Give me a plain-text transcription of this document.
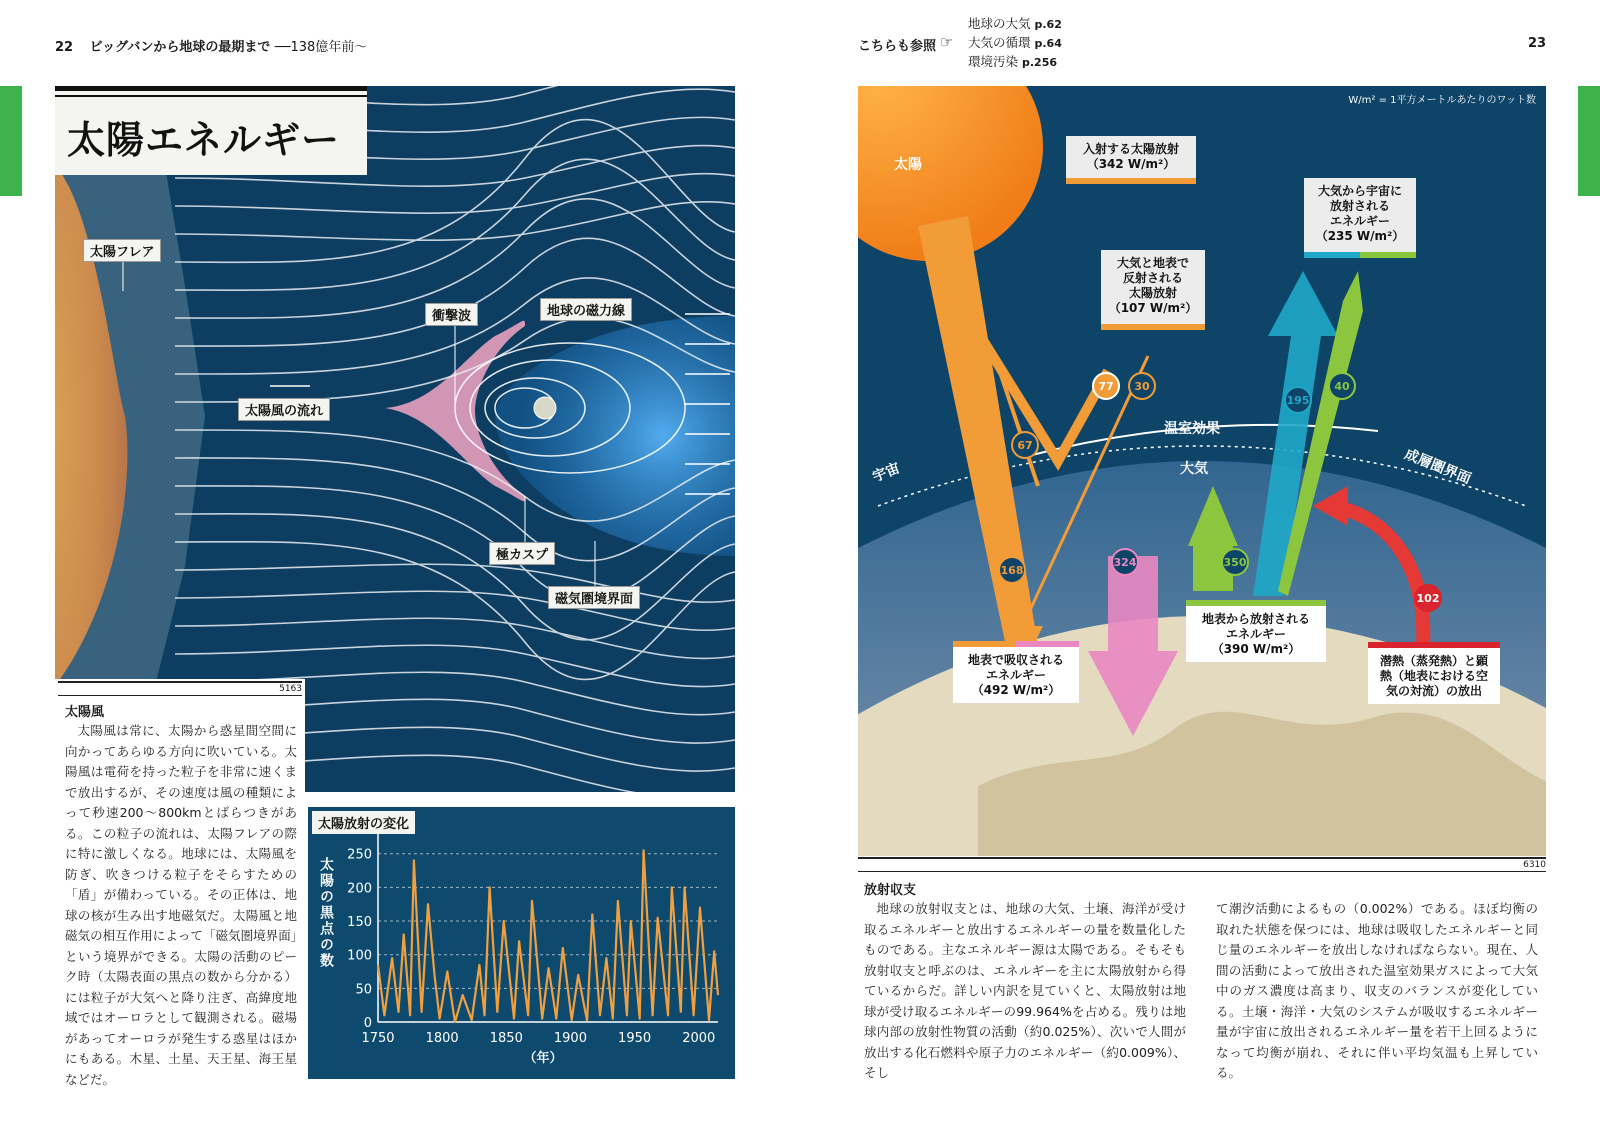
22 ビッグバンから地球の最期まで ──138億年前〜
太陽エネルギー
太陽フレア
衝撃波	地球の磁力線
太陽風の流れ
極カスプ
磁気圏境界面
5163
太陽風
太陽風は常に、太陽から惑星間空間に向かってあらゆる方向に吹いている。太陽風は電荷を持った粒子を非常に速くまで放出するが、その速度は風の種類によって秒速200〜800kmとばらつきがある。この粒子の流れは、太陽フレアの際に特に激しくなる。地球には、太陽風を防ぎ、吹きつける粒子をそらすための「盾」が備わっている。その正体は、地球の核が生み出す地磁気だ。太陽風と地磁気の相互作用によって「磁気圏境界面」という境界ができる。太陽の活動のピーク時（太陽表面の黒点の数から分かる）には粒子が大気へと降り注ぎ、高緯度地域ではオーロラとして観測される。磁場があってオーロラが発生する惑星はほかにもある。木星、土星、天王星、海王星などだ。
太陽放射の変化
0
50
100
150
200
250
1750 1800 1850 1900 1950 2000
（年）
太陽の黒点の数
こちらも参照 ☞
地球の大気 p.62
大気の循環 p.64
環境汚染 p.256
23
W/m² = 1平方メートルあたりのワット数
太陽
宇宙
温室効果
大気	成層圏界面
入射する太陽放射
（342 W/m²）
大気と地表で
反射される
太陽放射
（107 W/m²）
大気から宇宙に
放射される
エネルギー
（235 W/m²）
地表で吸収される
エネルギー
（492 W/m²）
地表から放射される
エネルギー
（390 W/m²）
潜熱（蒸発熱）と顕
熱（地表における空
気の対流）の放出
77	30
67
195
40
168
324	350
102
6310
放射収支
地球の放射収支とは、地球の大気、土壌、海洋が受け取るエネルギーと放出するエネルギーの量を数量化したものである。主なエネルギー源は太陽である。そもそも放射収支と呼ぶのは、エネルギーを主に太陽放射から得ているからだ。詳しい内訳を見ていくと、太陽放射は地球が受け取るエネルギーの99.964%を占める。残りは地球内部の放射性物質の活動（約0.025%）、次いで人間が放出する化石燃料や原子力のエネルギー（約0.009%）、そし
て潮汐活動によるもの（0.002%）である。ほぼ均衡の取れた状態を保つには、地球は吸収したエネルギーと同じ量のエネルギーを放出しなければならない。現在、人間の活動によって放出された温室効果ガスによって大気中のガス濃度は高まり、収支のバランスが変化している。土壌・海洋・大気のシステムが吸収するエネルギー量が宇宙に放出されるエネルギー量を若干上回るようになって均衡が崩れ、それに伴い平均気温も上昇している。
